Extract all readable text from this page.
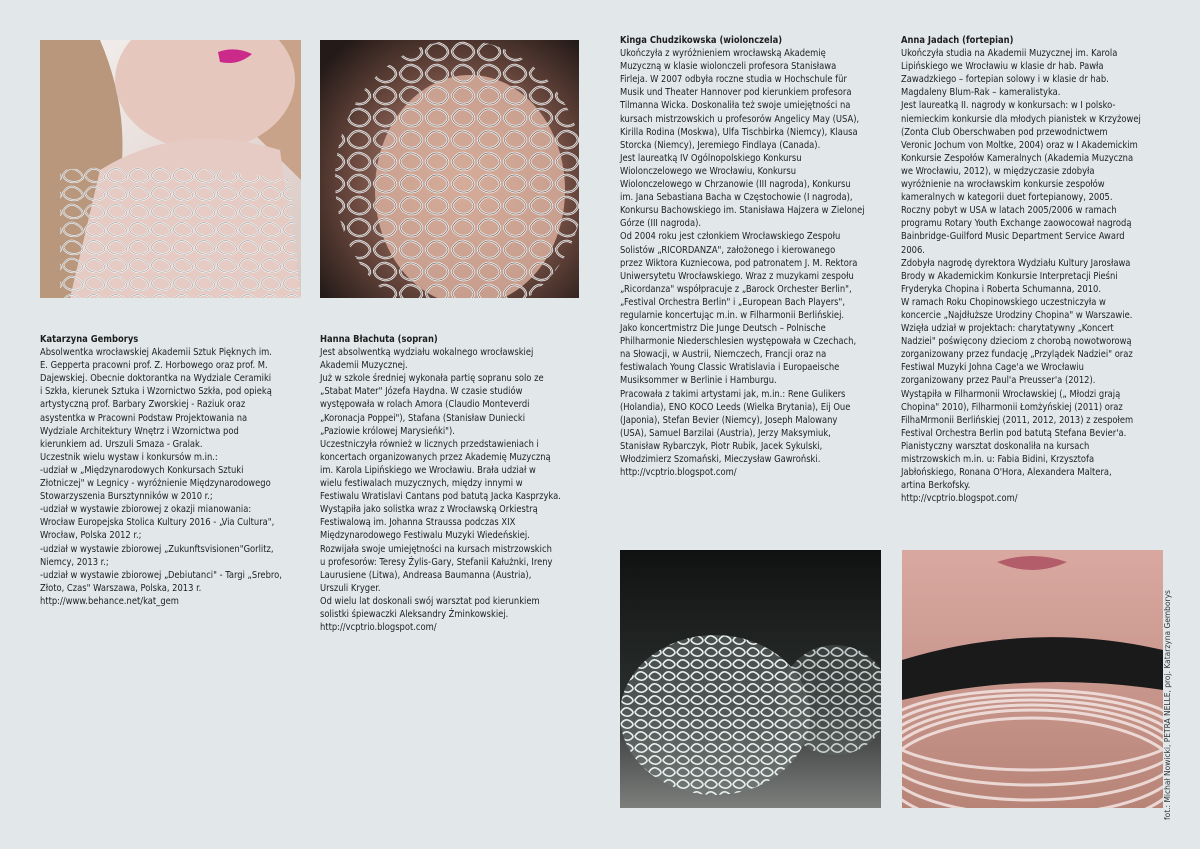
fot.: Michał Nowicki, PETRA NELLE, proj. Katarzyna Gemborys

Katarzyna Gemborys

Absolwentka wrocławskiej Akademii Sztuk Pięknych im.

E. Gepperta pracowni prof. Z. Horbowego oraz prof. M.

Dajewskiej. Obecnie doktorantka na Wydziale Ceramiki

i Szkła, kierunek Sztuka i Wzornictwo Szkła, pod opieką

artystyczną prof. Barbary Zworskiej - Raziuk oraz

asystentka w Pracowni Podstaw Projektowania na

Wydziale Architektury Wnętrz i Wzornictwa pod

kierunkiem ad. Urszuli Smaza - Gralak.

Uczestnik wielu wystaw i konkursów m.in.:

-udział w „Międzynarodowych Konkursach Sztuki

Złotniczej" w Legnicy - wyróżnienie Międzynarodowego

Stowarzyszenia Bursztynników w 2010 r.;

-udział w wystawie zbiorowej z okazji mianowania:

Wrocław Europejska Stolica Kultury 2016 - „Via Cultura",

Wrocław, Polska 2012 r.;

-udział w wystawie zbiorowej „Zukunftsvisionen"Gorlitz,

Niemcy, 2013 r.;

-udział w wystawie zbiorowej „Debiutanci" - Targi „Srebro,

Złoto, Czas" Warszawa, Polska, 2013 r.

http://www.behance.net/kat_gem

Hanna Błachuta (sopran)

Jest absolwentką wydziału wokalnego wrocławskiej

Akademii Muzycznej.

Już w szkole średniej wykonała partię sopranu solo ze

„Stabat Mater" Józefa Haydna. W czasie studiów

występowała w rolach Amora (Claudio Monteverdi

„Koronacja Poppei"), Stafana (Stanisław Duniecki

„Paziowie królowej Marysieńki").

Uczestniczyła również w licznych przedstawieniach i

koncertach organizowanych przez Akademię Muzyczną

im. Karola Lipińskiego we Wrocławiu. Brała udział w

wielu festiwalach muzycznych, między innymi w

Festiwalu Wratislavi Cantans pod batutą Jacka Kasprzyka.

Wystąpiła jako solistka wraz z Wrocławską Orkiestrą

Festiwalową im. Johanna Straussa podczas XIX

Międzynarodowego Festiwalu Muzyki Wiedeńskiej.

Rozwijała swoje umiejętności na kursach mistrzowskich

u profesorów: Teresy Żylis-Gary, Stefanii Kałużnki, Ireny

Laurusiene (Litwa), Andreasa Baumanna (Austria),

Urszuli Kryger.

Od wielu lat doskonali swój warsztat pod kierunkiem

solistki śpiewaczki Aleksandry Żminkowskiej.

http://vcptrio.blogspot.com/

Kinga Chudzikowska (wiolonczela)

Ukończyła z wyróżnieniem wrocławską Akademię

Muzyczną w klasie wiolonczeli profesora Stanisława

Firleja. W 2007 odbyła roczne studia w Hochschule für

Musik und Theater Hannover pod kierunkiem profesora

Tilmanna Wicka. Doskonaliła też swoje umiejętności na

kursach mistrzowskich u profesorów Angelicy May (USA),

Kirilla Rodina (Moskwa), Ulfa Tischbirka (Niemcy), Klausa

Storcka (Niemcy), Jeremiego Findlaya (Canada).

Jest laureatką IV Ogólnopolskiego Konkursu

Wiolonczelowego we Wrocławiu, Konkursu

Wiolonczelowego w Chrzanowie (III nagroda), Konkursu

im. Jana Sebastiana Bacha w Częstochowie (I nagroda),

Konkursu Bachowskiego im. Stanisława Hajzera w Zielonej

Górze (III nagroda).

Od 2004 roku jest członkiem Wrocławskiego Zespołu

Solistów „RICORDANZA", założonego i kierowanego

przez Wiktora Kuzniecowa, pod patronatem J. M. Rektora

Uniwersytetu Wrocławskiego. Wraz z muzykami zespołu

„Ricordanza" współpracuje z „Barock Orchester Berlin",

„Festival Orchestra Berlin" i „European Bach Players",

regularnie koncertując m.in. w Filharmonii Berlińskiej.

Jako koncertmistrz Die Junge Deutsch – Polnische

Philharmonie Niederschlesien występowała w Czechach,

na Słowacji, w Austrii, Niemczech, Francji oraz na

festiwalach Young Classic Wratislavia i Europaeische

Musiksommer w Berlinie i Hamburgu.

Pracowała z takimi artystami jak, m.in.: Rene Gulikers

(Holandia), ENO KOCO Leeds (Wielka Brytania), Eij Oue

(Japonia), Stefan Bevier (Niemcy), Joseph Malowany

(USA), Samuel Barzilai (Austria), Jerzy Maksymiuk,

Stanisław Rybarczyk, Piotr Rubik, Jacek Sykulski,

Włodzimierz Szomański, Mieczysław Gawroński.

http://vcptrio.blogspot.com/

Anna Jadach (fortepian)

Ukończyła studia na Akademii Muzycznej im. Karola

Lipińskiego we Wrocławiu w klasie dr hab. Pawła

Zawadzkiego – fortepian solowy i w klasie dr hab.

Magdaleny Blum-Rak – kameralistyka.

Jest laureatką II. nagrody w konkursach: w I polsko-

niemieckim konkursie dla młodych pianistek w Krzyżowej

(Zonta Club Oberschwaben pod przewodnictwem

Veronic Jochum von Moltke, 2004) oraz w I Akademickim

Konkursie Zespołów Kameralnych (Akademia Muzyczna

we Wrocławiu, 2012), w międzyczasie zdobyła

wyróżnienie na wrocławskim konkursie zespołów

kameralnych w kategorii duet fortepianowy, 2005.

Roczny pobyt w USA w latach 2005/2006 w ramach

programu Rotary Youth Exchange zaowocował nagrodą

Bainbridge-Guilford Music Department Service Award

2006.

Zdobyła nagrodę dyrektora Wydziału Kultury Jarosława

Brody w Akademickim Konkursie Interpretacji Pieśni

Fryderyka Chopina i Roberta Schumanna, 2010.

W ramach Roku Chopinowskiego uczestniczyła w

koncercie „Najdłuższe Urodziny Chopina" w Warszawie.

Wzięła udział w projektach: charytatywny „Koncert

Nadziei" poświęcony dzieciom z chorobą nowotworową

zorganizowany przez fundację „Przylądek Nadziei" oraz

Festiwal Muzyki Johna Cage'a we Wrocławiu

zorganizowany przez Paul'a Preusser'a (2012).

Wystąpiła w Filharmonii Wrocławskiej („ Młodzi grają

Chopina" 2010), Filharmonii Łomżyńskiej (2011) oraz

FilhaMrmonii Berlińskiej (2011, 2012, 2013) z zespołem

Festival Orchestra Berlin pod batutą Stefana Bevier'a.

Pianistyczny warsztat doskonaliła na kursach

mistrzowskich m.in. u: Fabia Bidini, Krzysztofa

Jabłońskiego, Ronana O'Hora, Alexandera Maltera,

artina Berkofsky.

http://vcptrio.blogspot.com/
